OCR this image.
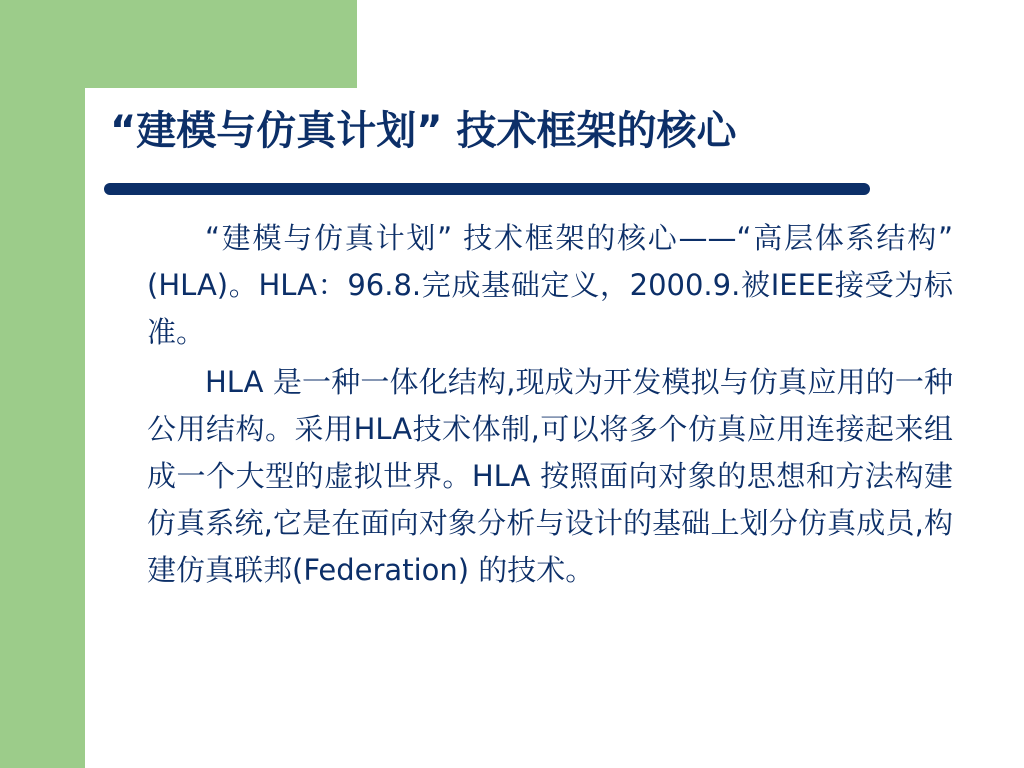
“建模与仿真计划” 技术框架的核心

“建模与仿真计划” 技术框架的核心——“高层体系结构” (HLA)。HLA：96.8.完成基础定义，2000.9.被IEEE接受为标准。

HLA 是一种一体化结构,现成为开发模拟与仿真应用的一种公用结构。采用HLA技术体制,可以将多个仿真应用连接起来组成一个大型的虚拟世界。HLA 按照面向对象的思想和方法构建仿真系统,它是在面向对象分析与设计的基础上划分仿真成员,构建仿真联邦(Federation) 的技术。
